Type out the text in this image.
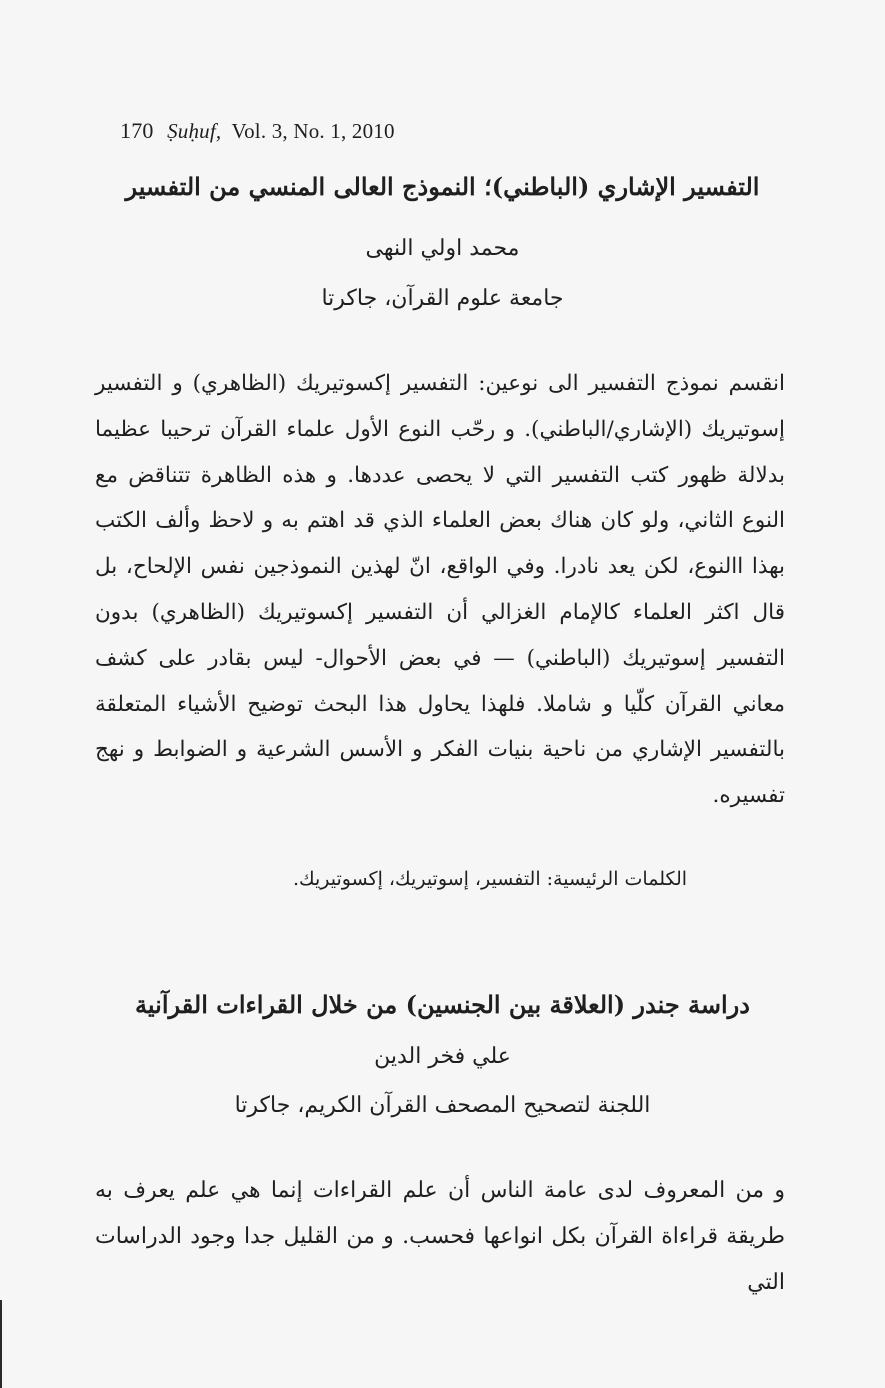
170 Ṣuḥuf, Vol. 3, No. 1, 2010

التفسير الإشاري (الباطني)؛ النموذج العالى المنسي من التفسير

محمد اولي النهى

جامعة علوم القرآن، جاكرتا

انقسم نموذج التفسير الى نوعين: التفسير إكسوتيريك (الظاهري) و التفسير إسوتيريك (الإشاري/الباطني). و رحّب النوع الأول علماء القرآن ترحيبا عظيما بدلالة ظهور كتب التفسير التي لا يحصى عددها. و هذه الظاهرة تتناقض مع النوع الثاني، ولو كان هناك بعض العلماء الذي قد اهتم به و لاحظ وألف الكتب بهذا االنوع، لكن يعد نادرا. وفي الواقع، انّ لهذين النموذجين نفس الإلحاح، بل قال اكثر العلماء كالإمام الغزالي أن التفسير إكسوتيريك (الظاهري) بدون التفسير إسوتيريك (الباطني) — في بعض الأحوال- ليس بقادر على كشف معاني القرآن كلّيا و شاملا. فلهذا يحاول هذا البحث توضيح الأشياء المتعلقة بالتفسير الإشاري من ناحية بنيات الفكر و الأسس الشرعية و الضوابط و نهج تفسيره.

الكلمات الرئيسية: التفسير، إسوتيريك، إكسوتيريك.

دراسة جندر (العلاقة بين الجنسين) من خلال القراءات القرآنية

علي فخر الدين

اللجنة لتصحيح المصحف القرآن الكريم، جاكرتا

و من المعروف لدى عامة الناس أن علم القراءات إنما هي علم يعرف به طريقة قراءاة القرآن بكل انواعها فحسب. و من القليل جدا وجود الدراسات التي
